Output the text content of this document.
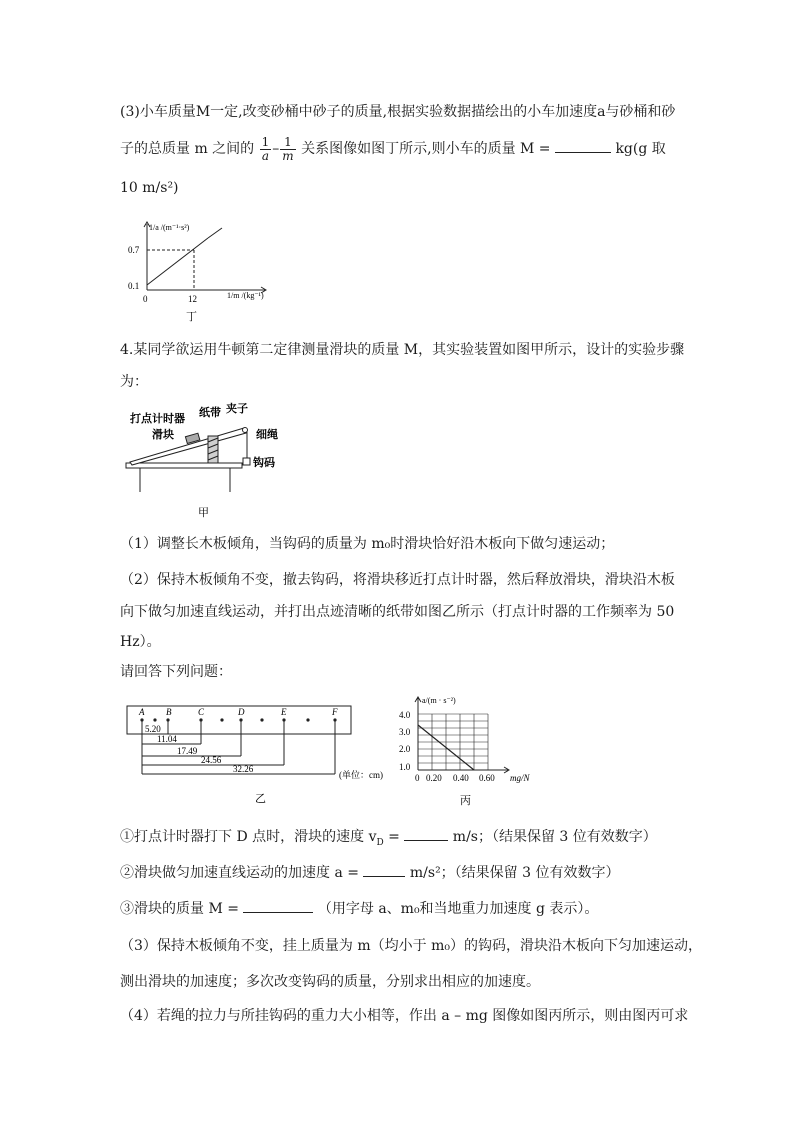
(3)小车质量M一定,改变砂桶中砂子的质量,根据实验数据描绘出的小车加速度a与砂桶和砂
子的总质量 m 之间的 $\frac{1}{a} - \frac{1}{m}$ 关系图像如图丁所示,则小车的质量 M =	kg(g 取
10 m/s²)
1/a /(m⁻¹·s²)
0.7
0.1
0	12	1/m /(kg⁻¹)
丁
4.某同学欲运用牛顿第二定律测量滑块的质量 M，其实验装置如图甲所示，设计的实验步骤
为：
打点计时器 纸带 夹子
滑块	细绳
钩码
甲
（1）调整长木板倾角，当钩码的质量为 m₀时滑块恰好沿木板向下做匀速运动；
（2）保持木板倾角不变，撤去钩码，将滑块移近打点计时器，然后释放滑块，滑块沿木板
向下做匀加速直线运动，并打出点迹清晰的纸带如图乙所示（打点计时器的工作频率为 50
Hz）。
请回答下列问题：
A B	C	D	E	F
5.20
11.04
17.49
24.56
32.26
(单位：cm)
乙
a/(m · s⁻²)
4.0
3.0
2.0
1.0
0 0.20 0.40 0.60 mg/N
丙
①打点计时器打下 D 点时，滑块的速度 $v_D$ =	m/s；（结果保留 3 位有效数字）
②滑块做匀加速直线运动的加速度 a =	m/s²；（结果保留 3 位有效数字）
③滑块的质量 M =	（用字母 a、m₀和当地重力加速度 g 表示）。
（3）保持木板倾角不变，挂上质量为 m（均小于 m₀）的钩码，滑块沿木板向下匀加速运动，
测出滑块的加速度；多次改变钩码的质量，分别求出相应的加速度。
（4）若绳的拉力与所挂钩码的重力大小相等，作出 a – mg 图像如图丙所示，则由图丙可求
